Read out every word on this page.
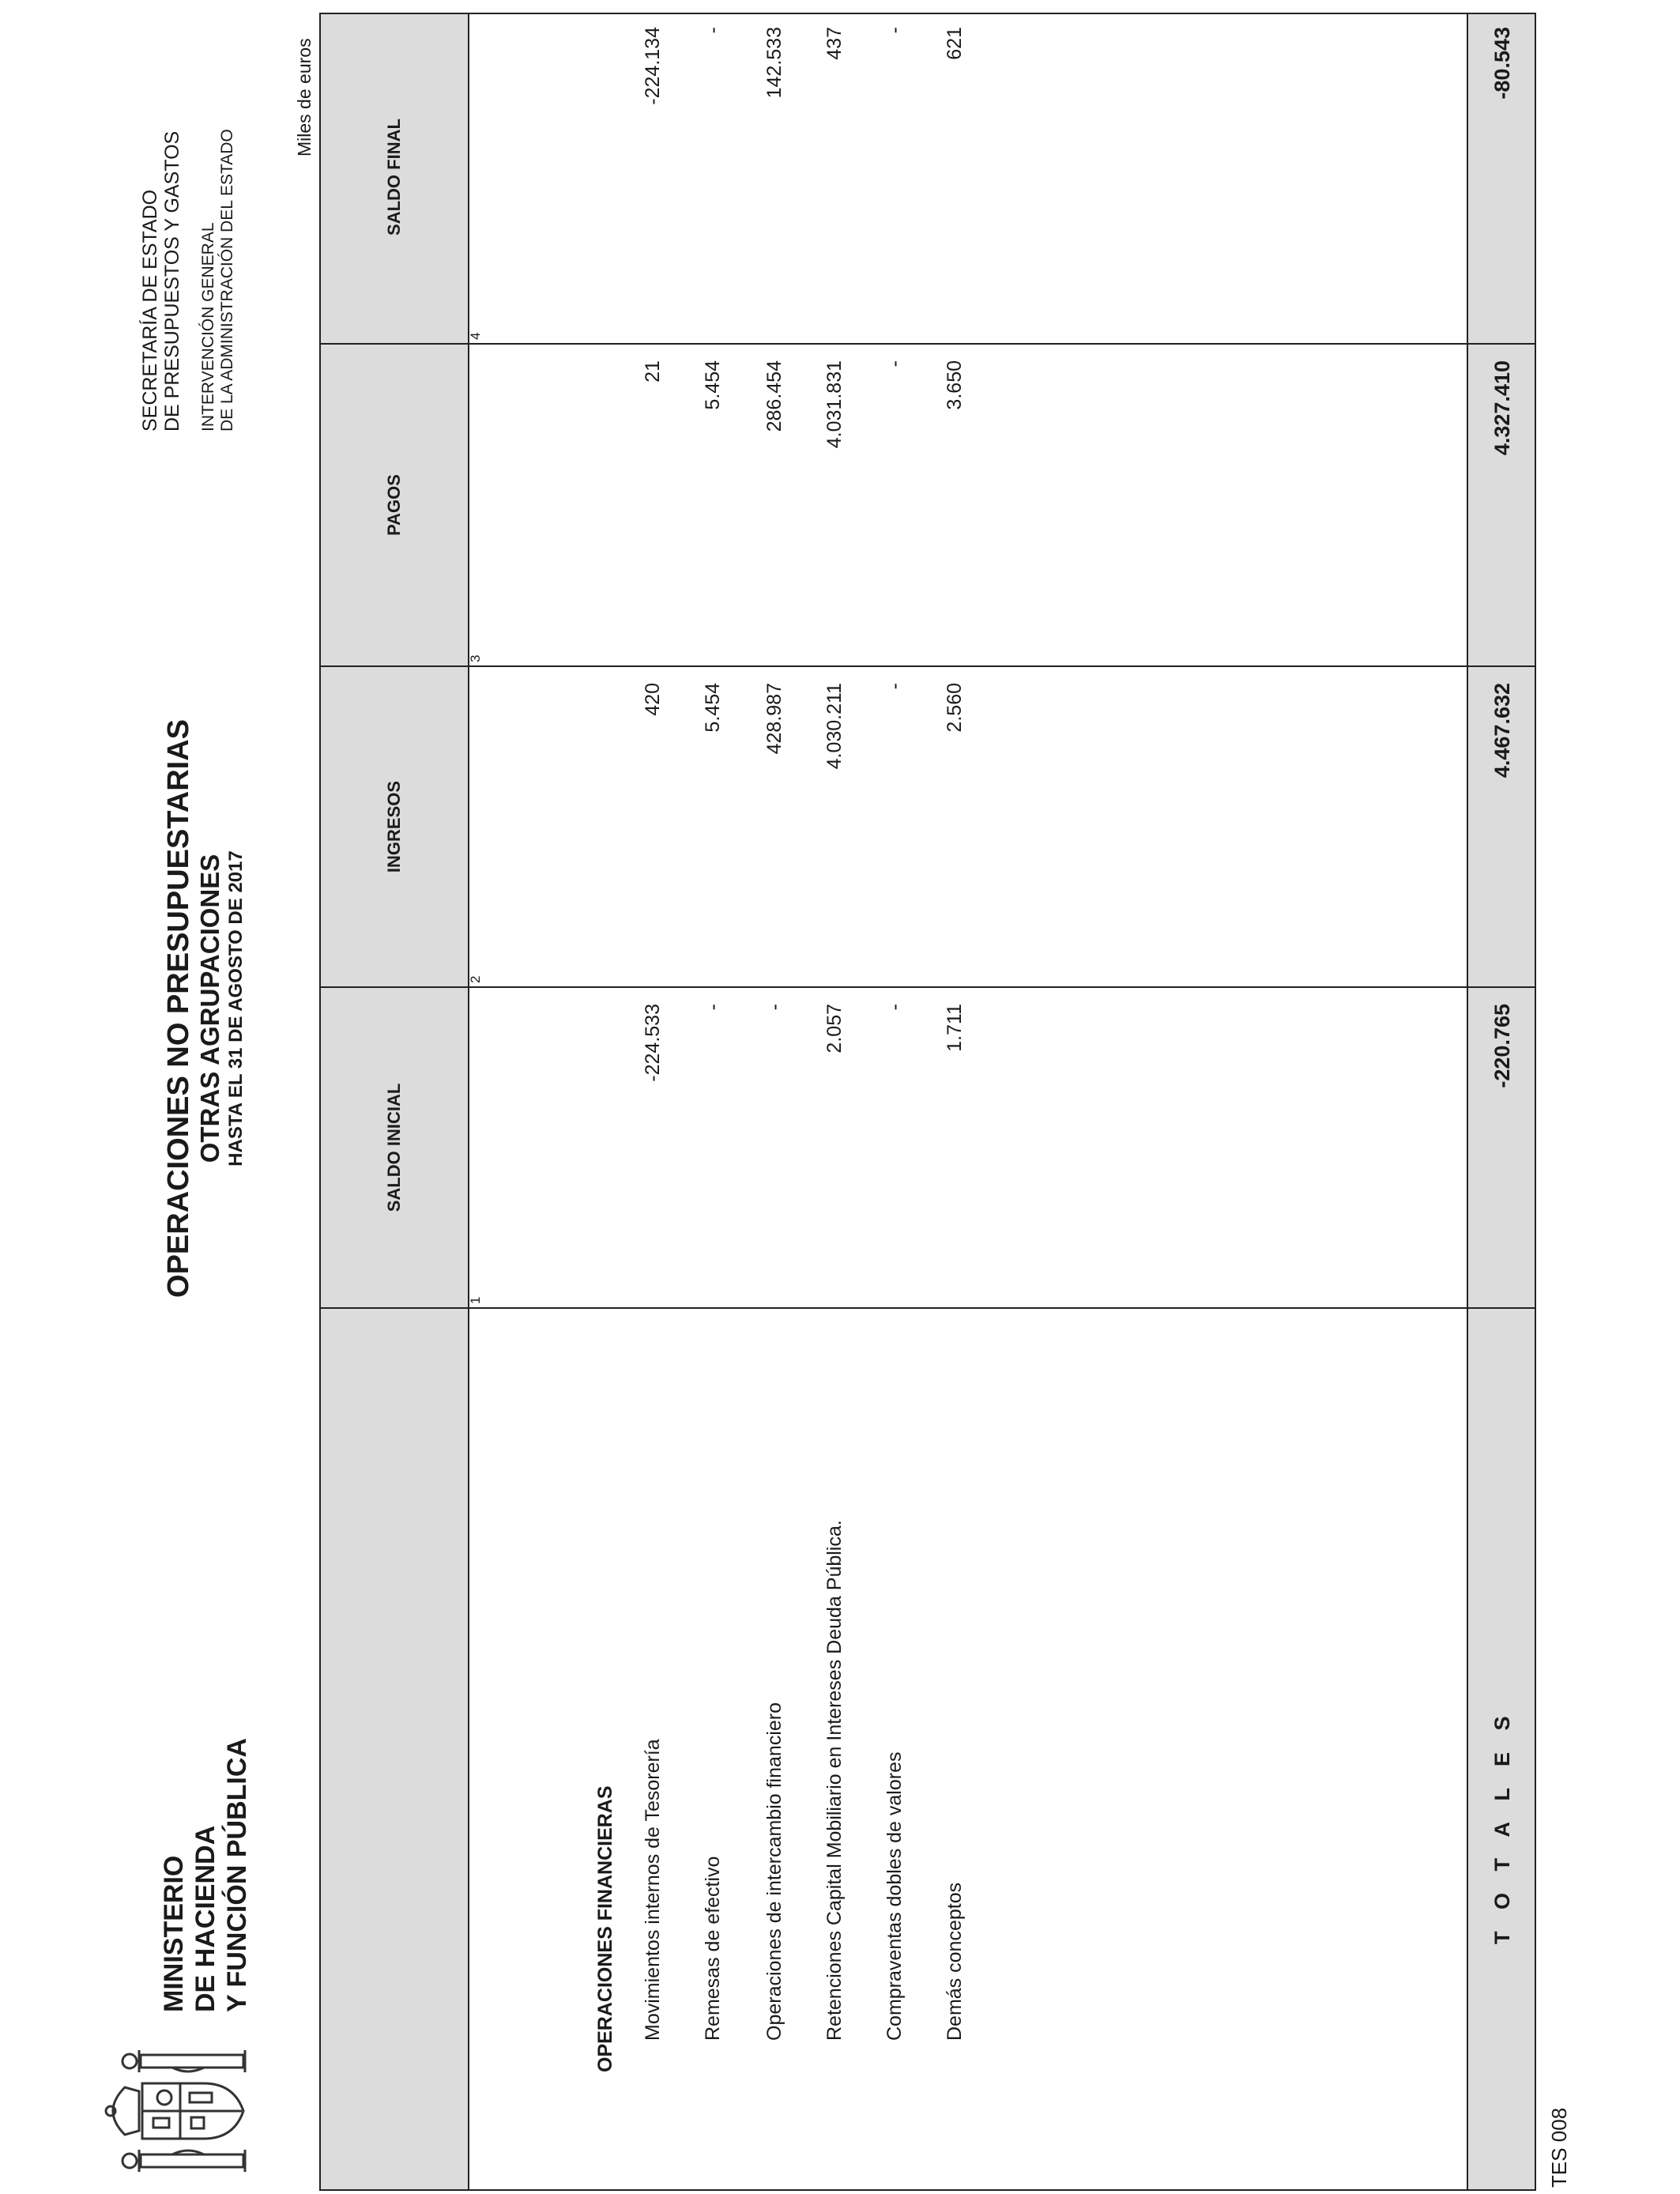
MINISTERIO DE HACIENDA Y FUNCIÓN PÚBLICA
OPERACIONES NO PRESUPUESTARIAS OTRAS AGRUPACIONES HASTA EL 31 DE AGOSTO DE 2017
SECRETARÍA DE ESTADO DE PRESUPUESTOS Y GASTOS INTERVENCIÓN GENERAL DE LA ADMINISTRACIÓN DEL ESTADO
Miles de euros
SALDO INICIAL
INGRESOS
PAGOS
SALDO FINAL
1
2
3
4
OPERACIONES FINANCIERAS Movimientos internos de Tesorería
-224.533
420
21
-224.134
Remesas de efectivo
-
5.454
5.454
-
Operaciones de intercambio financiero
-
428.987
286.454
142.533
Retenciones Capital Mobiliario en Intereses Deuda Pública.
2.057
4.030.211
4.031.831
437
Compraventas dobles de valores
-
-
-
-
Demás conceptos
1.711
2.560
3.650
621
T O T A L E S
-220.765
4.467.632
4.327.410
-80.543
TES 008
